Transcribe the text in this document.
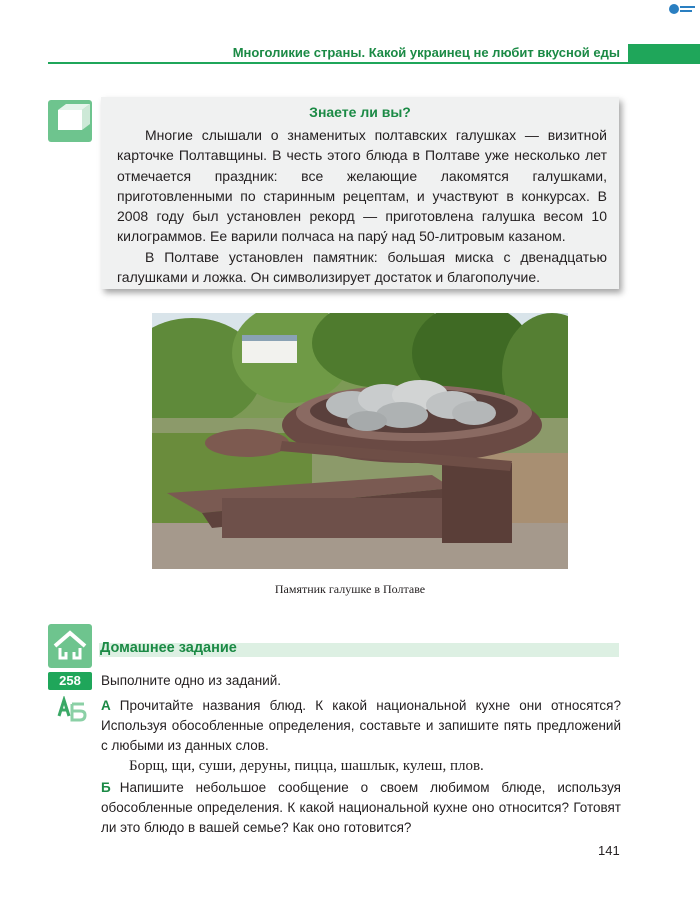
Многоликие страны. Какой украинец не любит вкусной еды
Знаете ли вы?

Многие слышали о знаменитых полтавских галушках — визитной карточке Полтавщины. В честь этого блюда в Полтаве уже несколько лет отмечается праздник: все желающие лакомятся галушками, приготовленными по старинным рецептам, и участвуют в конкурсах. В 2008 году был установлен рекорд — приготовлена галушка весом 10 килограммов. Ее варили полчаса на пару́ над 50-литровым казаном.

В Полтаве установлен памятник: большая миска с двенадцатью галушками и ложка. Он символизирует достаток и благополучие.

Памятник галушке в Полтаве
Домашнее задание
258	Выполните одно из заданий.
А Прочитайте названия блюд. К какой национальной кухне они относятся? Используя обособленные определения, составьте и запишите пять предложений с любыми из данных слов.
Борщ, щи, суши, деруны, пицца, шашлык, кулеш, плов.
Б Напишите небольшое сообщение о своем любимом блюде, используя обособленные определения. К какой национальной кухне оно относится? Готовят ли это блюдо в вашей семье? Как оно готовится?
141
